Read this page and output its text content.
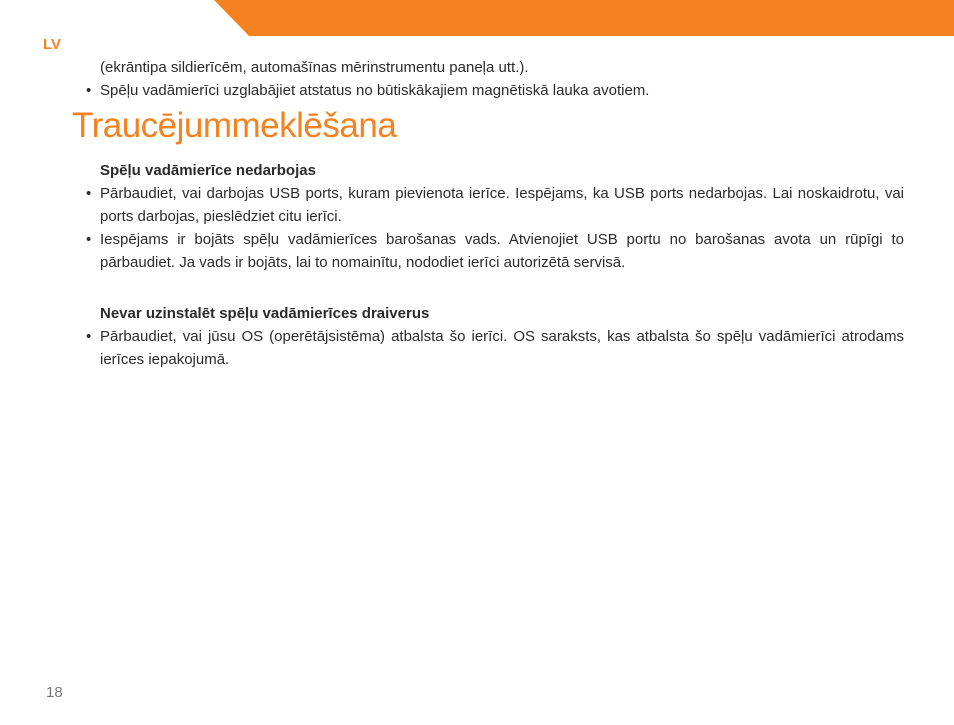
LV
(ekrāntipa sildierīcēm, automašīnas mērinstrumentu paneļa utt.).
• Spēļu vadāmierīci uzglabājiet atstatus no būtiskākajiem magnētiskā lauka avotiem.
Traucējummeklēšana
Spēļu vadāmierīce nedarbojas
• Pārbaudiet, vai darbojas USB ports, kuram pievienota ierīce. Iespējams, ka USB ports nedarbojas. Lai noskaidrotu, vai ports darbojas, pieslēdziet citu ierīci.
• Iespējams ir bojāts spēļu vadāmierīces barošanas vads. Atvienojiet USB portu no barošanas avota un rūpīgi to pārbaudiet. Ja vads ir bojāts, lai to nomainītu, nododiet ierīci autorizētā servisā.
Nevar uzinstalēt spēļu vadāmierīces draiverus
• Pārbaudiet, vai jūsu OS (operētājsistēma) atbalsta šo ierīci. OS saraksts, kas atbalsta šo spēļu vadāmierīci atrodams ierīces iepakojumā.
18
